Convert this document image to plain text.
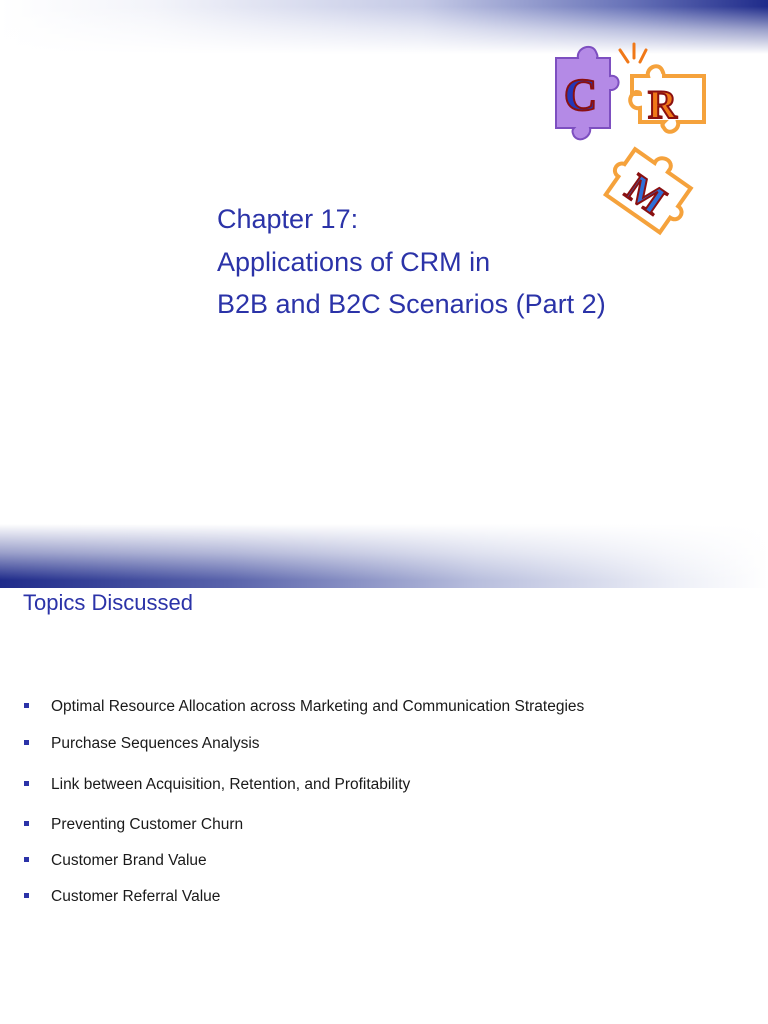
C R
M
Chapter 17:
Applications of CRM in
B2B and B2C Scenarios (Part 2)
Topics Discussed
Optimal Resource Allocation across Marketing and Communication Strategies
Purchase Sequences Analysis
Link between Acquisition, Retention, and Profitability
Preventing Customer Churn
Customer Brand Value
Customer Referral Value
